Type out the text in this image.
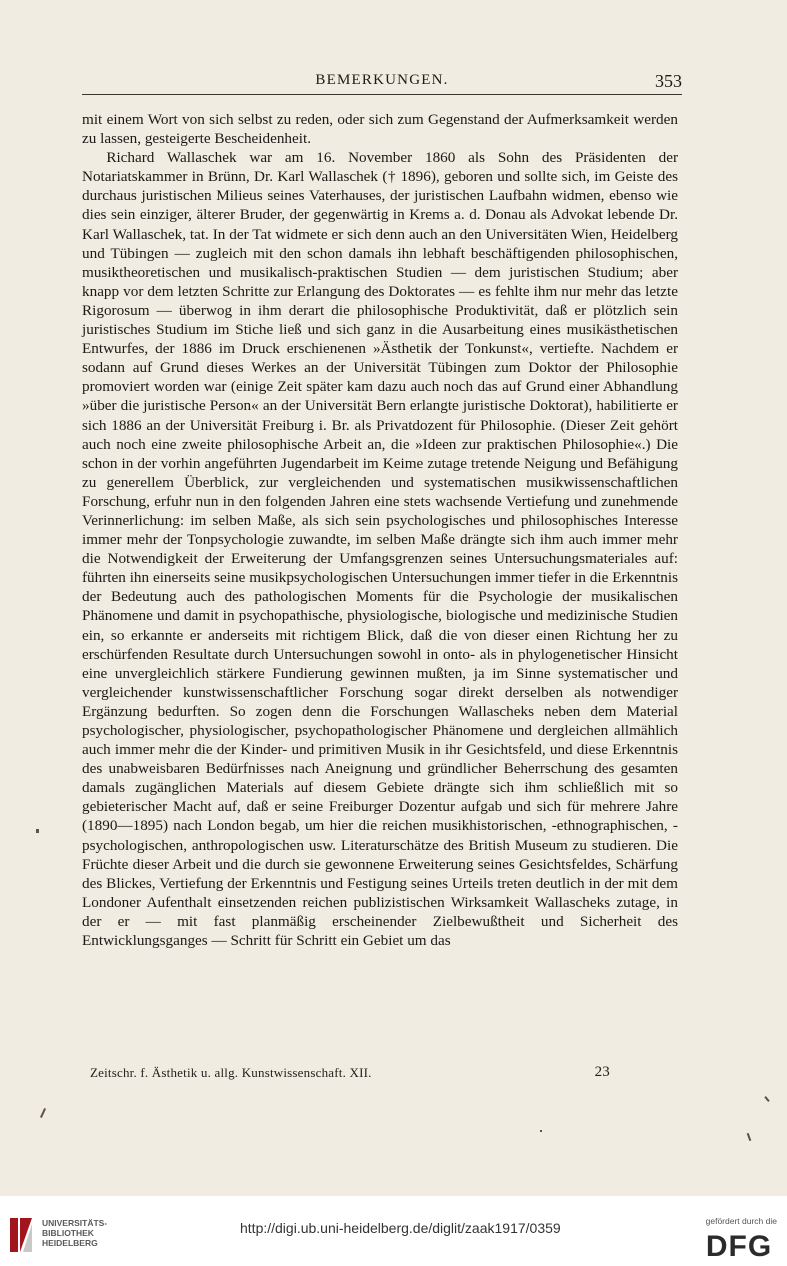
BEMERKUNGEN.	353

mit einem Wort von sich selbst zu reden, oder sich zum Gegenstand der Aufmerksamkeit werden zu lassen, gesteigerte Bescheidenheit.

Richard Wallaschek war am 16. November 1860 als Sohn des Präsidenten der Notariatskammer in Brünn, Dr. Karl Wallaschek († 1896), geboren und sollte sich, im Geiste des durchaus juristischen Milieus seines Vaterhauses, der juristischen Laufbahn widmen, ebenso wie dies sein einziger, älterer Bruder, der gegenwärtig in Krems a. d. Donau als Advokat lebende Dr. Karl Wallaschek, tat. In der Tat widmete er sich denn auch an den Universitäten Wien, Heidelberg und Tübingen — zugleich mit den schon damals ihn lebhaft beschäftigenden philosophischen, musiktheoretischen und musikalisch-praktischen Studien — dem juristischen Studium; aber knapp vor dem letzten Schritte zur Erlangung des Doktorates — es fehlte ihm nur mehr das letzte Rigorosum — überwog in ihm derart die philosophische Produktivität, daß er plötzlich sein juristisches Studium im Stiche ließ und sich ganz in die Ausarbeitung eines musikästhetischen Entwurfes, der 1886 im Druck erschienenen »Ästhetik der Tonkunst«, vertiefte. Nachdem er sodann auf Grund dieses Werkes an der Universität Tübingen zum Doktor der Philosophie promoviert worden war (einige Zeit später kam dazu auch noch das auf Grund einer Abhandlung »über die juristische Person« an der Universität Bern erlangte juristische Doktorat), habilitierte er sich 1886 an der Universität Freiburg i. Br. als Privatdozent für Philosophie. (Dieser Zeit gehört auch noch eine zweite philosophische Arbeit an, die »Ideen zur praktischen Philosophie«.) Die schon in der vorhin angeführten Jugendarbeit im Keime zutage tretende Neigung und Befähigung zu generellem Überblick, zur vergleichenden und systematischen musikwissenschaftlichen Forschung, erfuhr nun in den folgenden Jahren eine stets wachsende Vertiefung und zunehmende Verinnerlichung: im selben Maße, als sich sein psychologisches und philosophisches Interesse immer mehr der Tonpsychologie zuwandte, im selben Maße drängte sich ihm auch immer mehr die Notwendigkeit der Erweiterung der Umfangsgrenzen seines Untersuchungsmateriales auf: führten ihn einerseits seine musikpsychologischen Untersuchungen immer tiefer in die Erkenntnis der Bedeutung auch des pathologischen Moments für die Psychologie der musikalischen Phänomene und damit in psychopathische, physiologische, biologische und medizinische Studien ein, so erkannte er anderseits mit richtigem Blick, daß die von dieser einen Richtung her zu erschürfenden Resultate durch Untersuchungen sowohl in onto- als in phylogenetischer Hinsicht eine unvergleichlich stärkere Fundierung gewinnen mußten, ja im Sinne systematischer und vergleichender kunstwissenschaftlicher Forschung sogar direkt derselben als notwendiger Ergänzung bedurften. So zogen denn die Forschungen Wallascheks neben dem Material psychologischer, physiologischer, psychopathologischer Phänomene und dergleichen allmählich auch immer mehr die der Kinder- und primitiven Musik in ihr Gesichtsfeld, und diese Erkenntnis des unabweisbaren Bedürfnisses nach Aneignung und gründlicher Beherrschung des gesamten damals zugänglichen Materials auf diesem Gebiete drängte sich ihm schließlich mit so gebieterischer Macht auf, daß er seine Freiburger Dozentur aufgab und sich für mehrere Jahre (1890—1895) nach London begab, um hier die reichen musikhistorischen, -ethnographischen, -psychologischen, anthropologischen usw. Literaturschätze des British Museum zu studieren. Die Früchte dieser Arbeit und die durch sie gewonnene Erweiterung seines Gesichtsfeldes, Schärfung des Blickes, Vertiefung der Erkenntnis und Festigung seines Urteils treten deutlich in der mit dem Londoner Aufenthalt einsetzenden reichen publizistischen Wirksamkeit Wallascheks zutage, in der er — mit fast planmäßig erscheinender Zielbewußtheit und Sicherheit des Entwicklungsganges — Schritt für Schritt ein Gebiet um das

Zeitschr. f. Ästhetik u. allg. Kunstwissenschaft. XII.	23
UNIVERSITÄTS-
BIBLIOTHEK
HEIDELBERG
http://digi.ub.uni-heidelberg.de/diglit/zaak1917/0359	gefördert durch die
DFG
